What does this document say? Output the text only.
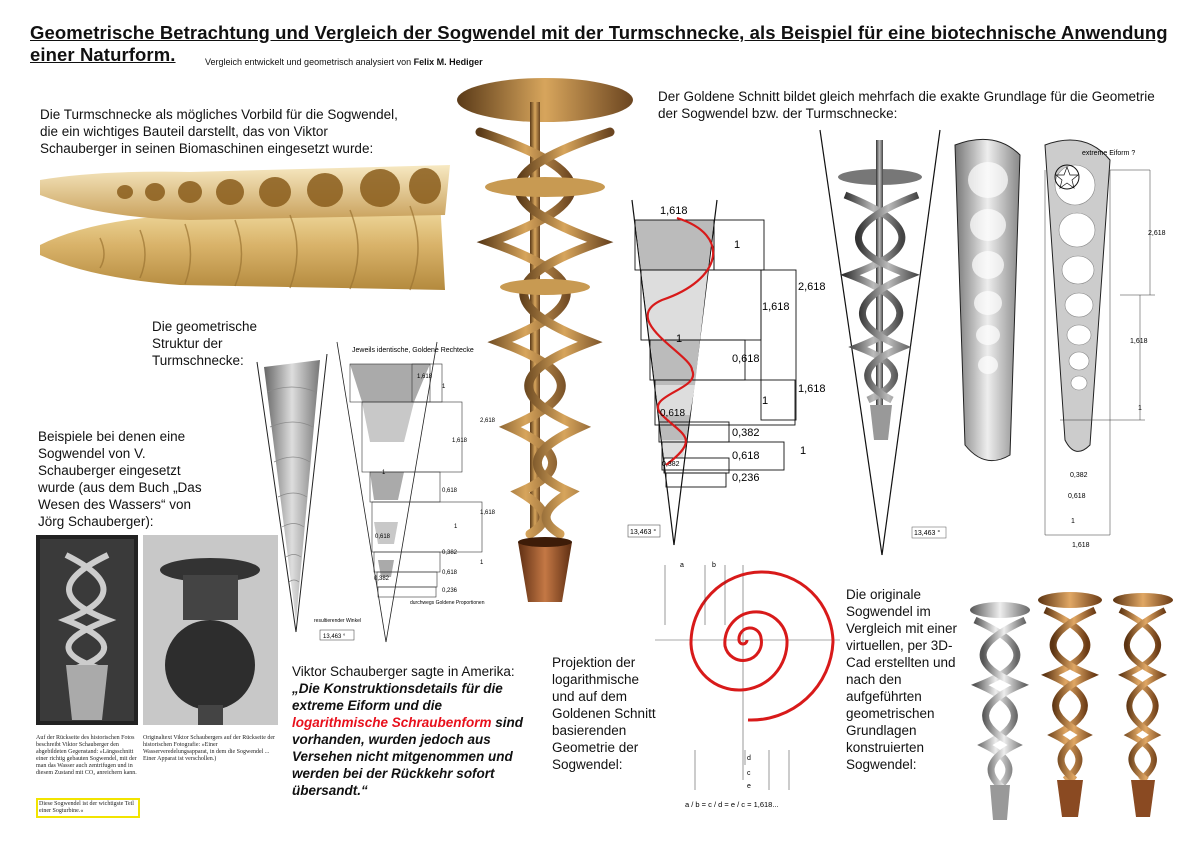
Geometrische Betrachtung und Vergleich der Sogwendel mit der Turmschnecke, als Beispiel für eine biotechnische Anwendung einer Naturform.	Vergleich entwickelt und geometrisch analysiert von Felix M. Hediger
Die Turmschnecke als mögliches Vorbild für die Sogwendel, die ein wichtiges Bauteil darstellt, das von Viktor Schauberger in seinen Biomaschinen eingesetzt wurde:
Die geometrische Struktur der Turmschnecke:
Beispiele bei denen eine Sogwendel von V. Schauberger eingesetzt wurde (aus dem Buch „Das Wesen des Wassers“ von Jörg Schauberger):
Der Goldene Schnitt bildet gleich mehrfach die exakte Grundlage für die Geometrie der Sogwendel bzw. der Turmschnecke:
Viktor Schauberger sagte in Amerika:
„Die Konstruktionsdetails für die extreme Eiform und die logarithmische Schraubenform sind vorhanden, wurden jedoch aus Versehen nicht mitgenommen und werden bei der Rückkehr sofort übersandt.“
Projektion der logarithmische und auf dem Goldenen Schnitt basierenden Geometrie der Sogwendel:
Die originale Sogwendel im Vergleich mit einer virtuellen, per 3D-Cad erstellten und nach den aufgeführten geometrischen Grundlagen konstruierten Sogwendel:
Jeweils identische, Goldene Rechtecke
1,618
1
2,618
1,618
1
0,618
1
1,618
0,618
0,382
1
0,382
0,618
0,236
durchwegs Goldene Proportionen
resultierender Winkel
13,463 °
1,618
1
2,618
1,618
1
0,618
1,618
1
0,618
0,382
0,618	1
0,382
0,236
13,463 °
extreme Eiform ?
2,618
1,618
1
0,382
0,618
1
1,618
13,463 °
a	b
c
d
e
a / b = c / d = e / c = 1,618...
Auf der Rückseite des historischen Fotos beschreibt Viktor Schauberger den abgebildeten Gegenstand: »Längsschnitt einer richtig gebauten Sogwendel, mit der man das Wasser auch zentrifugen und in diesem Zustand mit CO₂ anreichern kann.
Diese Sogwendel ist der wichtigste Teil einer Sogturbine.«
Originaltext Viktor Schaubergers auf der Rückseite der historischen Fotografie: »Einer Wasserveredelungsapparat, in dem die Sogwendel ... Einer Apparat ist verschollen.)
